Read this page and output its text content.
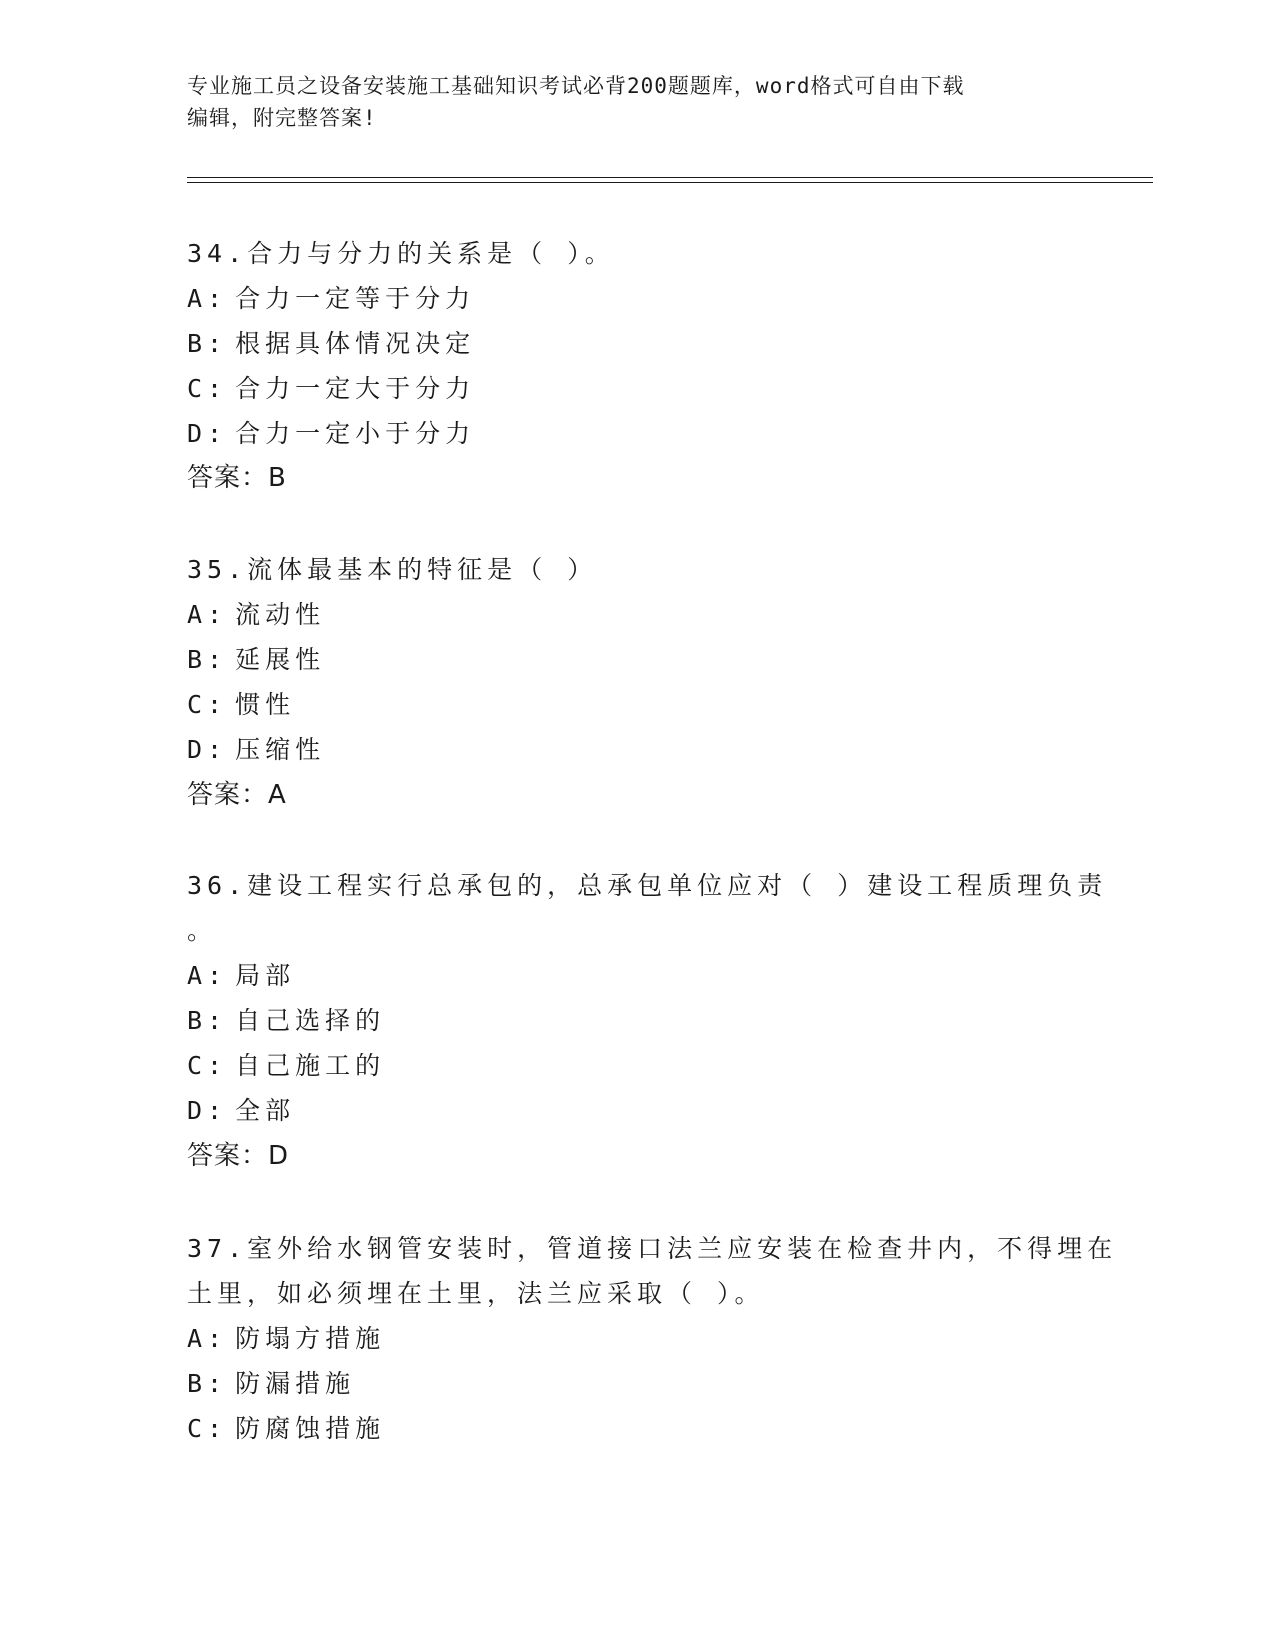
专业施工员之设备安装施工基础知识考试必背200题题库，word格式可自由下载
编辑，附完整答案!
34.合力与分力的关系是（ ）。
A: 合力一定等于分力
B: 根据具体情况决定
C: 合力一定大于分力
D: 合力一定小于分力
答案：B
35.流体最基本的特征是（ ）
A: 流动性
B: 延展性
C: 惯性
D: 压缩性
答案：A
36.建设工程实行总承包的，总承包单位应对（ ）建设工程质理负责
。
A: 局部
B: 自己选择的
C: 自己施工的
D: 全部
答案：D
37.室外给水钢管安装时，管道接口法兰应安装在检查井内，不得埋在
土里，如必须埋在土里，法兰应采取（ ）。
A: 防塌方措施
B: 防漏措施
C: 防腐蚀措施
